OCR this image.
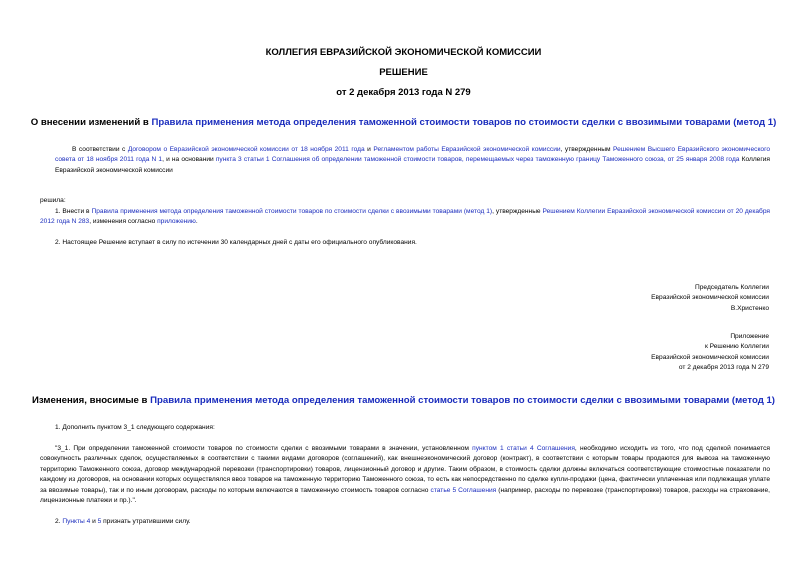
КОЛЛЕГИЯ ЕВРАЗИЙСКОЙ ЭКОНОМИЧЕСКОЙ КОМИССИИ
РЕШЕНИЕ
от 2 декабря 2013 года N 279
О внесении изменений в Правила применения метода определения таможенной стоимости товаров по стоимости сделки с ввозимыми товарами (метод 1)
В соответствии с Договором о Евразийской экономической комиссии от 18 ноября 2011 года и Регламентом работы Евразийской экономической комиссии, утвержденным Решением Высшего Евразийского экономического совета от 18 ноября 2011 года N 1, и на основании пункта 3 статьи 1 Соглашения об определении таможенной стоимости товаров, перемещаемых через таможенную границу Таможенного союза, от 25 января 2008 года Коллегия Евразийской экономической комиссии
решила:
1. Внести в Правила применения метода определения таможенной стоимости товаров по стоимости сделки с ввозимыми товарами (метод 1), утвержденные Решением Коллегии Евразийской экономической комиссии от 20 декабря 2012 года N 283, изменения согласно приложению.
2. Настоящее Решение вступает в силу по истечении 30 календарных дней с даты его официального опубликования.

Председатель Коллегии

Евразийской экономической комиссии

В.Христенко

Приложение

к Решению Коллегии

Евразийской экономической комиссии

от 2 декабря 2013 года N 279

Изменения, вносимые в Правила применения метода определения таможенной стоимости товаров по стоимости сделки с ввозимыми товарами (метод 1)
1. Дополнить пунктом 3_1 следующего содержания:
"3_1. При определении таможенной стоимости товаров по стоимости сделки с ввозимыми товарами в значении, установленном пунктом 1 статьи 4 Соглашения, необходимо исходить из того, что под сделкой понимается совокупность различных сделок, осуществляемых в соответствии с такими видами договоров (соглашений), как внешнеэкономический договор (контракт), в соответствии с которым товары продаются для вывоза на таможенную территорию Таможенного союза, договор международной перевозки (транспортировки) товаров, лицензионный договор и другие. Таким образом, в стоимость сделки должны включаться соответствующие стоимостные показатели по каждому из договоров, на основании которых осуществлялся ввоз товаров на таможенную территорию Таможенного союза, то есть как непосредственно по сделке купли-продажи (цена, фактически уплаченная или подлежащая уплате за ввозимые товары), так и по иным договорам, расходы по которым включаются в таможенную стоимость товаров согласно статье 5 Соглашения (например, расходы по перевозке (транспортировке) товаров, расходы на страхование, лицензионные платежи и пр.).".
2. Пункты 4 и 5 признать утратившими силу.
